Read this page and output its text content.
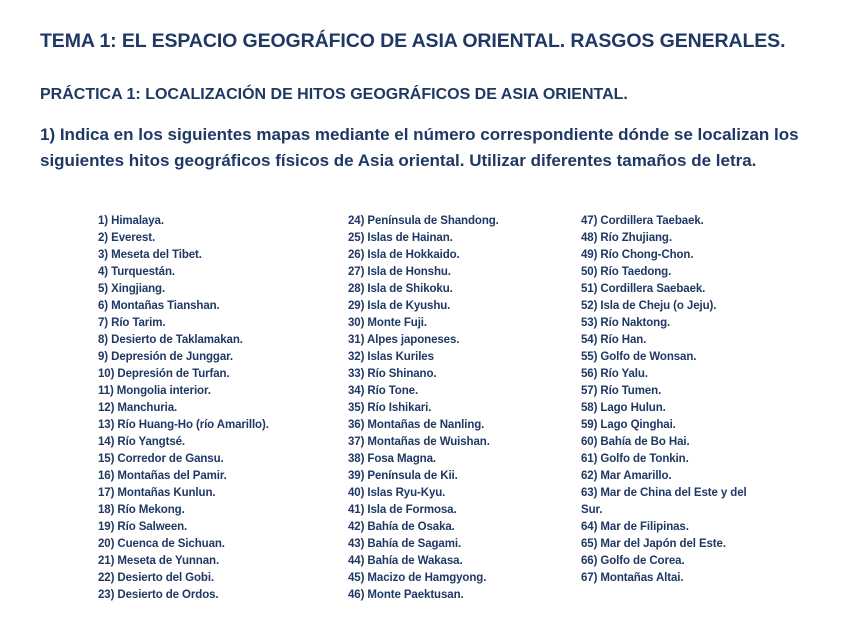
TEMA 1: EL ESPACIO GEOGRÁFICO DE ASIA ORIENTAL. RASGOS GENERALES.
PRÁCTICA 1: LOCALIZACIÓN DE HITOS GEOGRÁFICOS DE ASIA ORIENTAL.

1) Indica en los siguientes mapas mediante el número correspondiente dónde se localizan los siguientes hitos geográficos físicos de Asia oriental. Utilizar diferentes tamaños de letra.

1) Himalaya.
2) Everest.
3) Meseta del Tibet.
4) Turquestán.
5) Xingjiang.
6) Montañas Tianshan.
7) Río Tarim.
8) Desierto de Taklamakan.
9) Depresión de Junggar.
10) Depresión de Turfan.
11) Mongolia interior.
12) Manchuria.
13) Río Huang-Ho (río Amarillo).
14) Río Yangtsé.
15) Corredor de Gansu.
16) Montañas del Pamir.
17) Montañas Kunlun.
18) Río Mekong.
19) Río Salween.
20) Cuenca de Sichuan.
21) Meseta de Yunnan.
22) Desierto del Gobi.
23) Desierto de Ordos.
24) Península de Shandong.
25) Islas de Hainan.
26) Isla de Hokkaido.
27) Isla de Honshu.
28) Isla de Shikoku.
29) Isla de Kyushu.
30) Monte Fuji.
31) Alpes japoneses.
32) Islas Kuriles
33) Río Shinano.
34) Río Tone.
35) Río Ishikari.
36) Montañas de Nanling.
37) Montañas de Wuishan.
38) Fosa Magna.
39) Península de Kii.
40) Islas Ryu-Kyu.
41) Isla de Formosa.
42) Bahía de Osaka.
43) Bahía de Sagami.
44) Bahía de Wakasa.
45) Macizo de Hamgyong.
46) Monte Paektusan.
47) Cordillera Taebaek.
48) Río Zhujiang.
49) Río Chong-Chon.
50) Río Taedong.
51) Cordillera Saebaek.
52) Isla de Cheju (o Jeju).
53) Río Naktong.
54) Río Han.
55) Golfo de Wonsan.
56) Río Yalu.
57) Río Tumen.
58) Lago Hulun.
59) Lago Qinghai.
60) Bahía de Bo Hai.
61) Golfo de Tonkin.
62) Mar Amarillo.
63) Mar de China del Este y del Sur.
64) Mar de Filipinas.
65) Mar del Japón del Este.
66) Golfo de Corea.
67) Montañas Altai.
